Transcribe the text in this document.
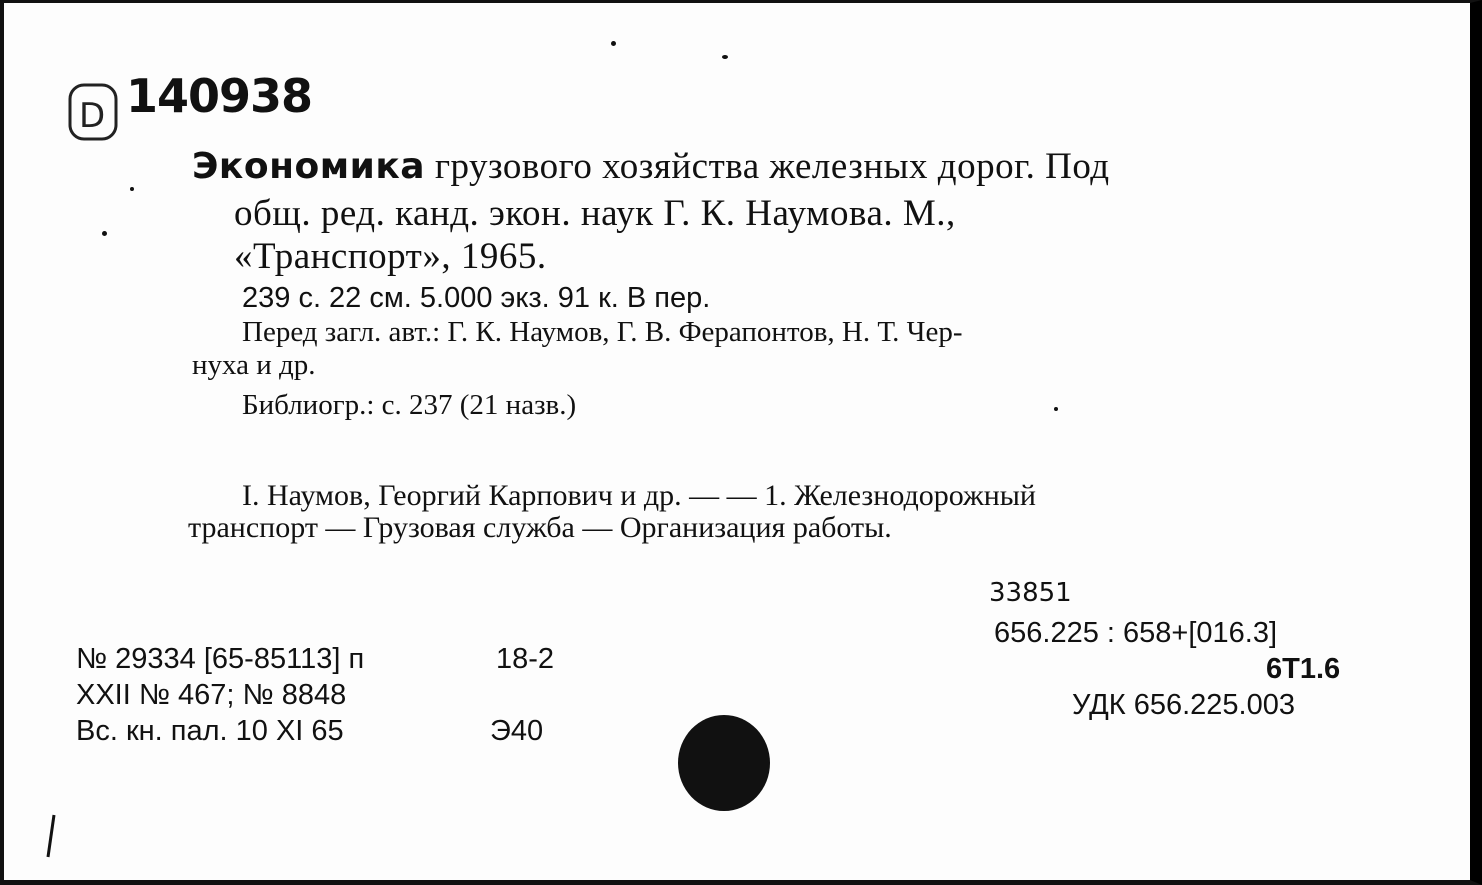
D 140938
Экономика грузового хозяйства железных дорог. Под
общ. ред. канд. экон. наук Г. К. Наумова. М.,
«Транспорт», 1965.
239 с. 22 см. 5.000 экз. 91 к. В пер.
Перед загл. авт.: Г. К. Наумов, Г. В. Ферапонтов, Н. Т. Чер-
нуха и др.
Библиогр.: с. 237 (21 назв.)
I. Наумов, Георгий Карпович и др. — — 1. Железнодорожный
транспорт — Грузовая служба — Организация работы.
33851
656.225 : 658+[016.3]
6Т1.6
УДК 656.225.003
№ 29334 [65-85113] п	18-2
XXII № 467; № 8848
Вс. кн. пал. 10 XI 65	Э40
